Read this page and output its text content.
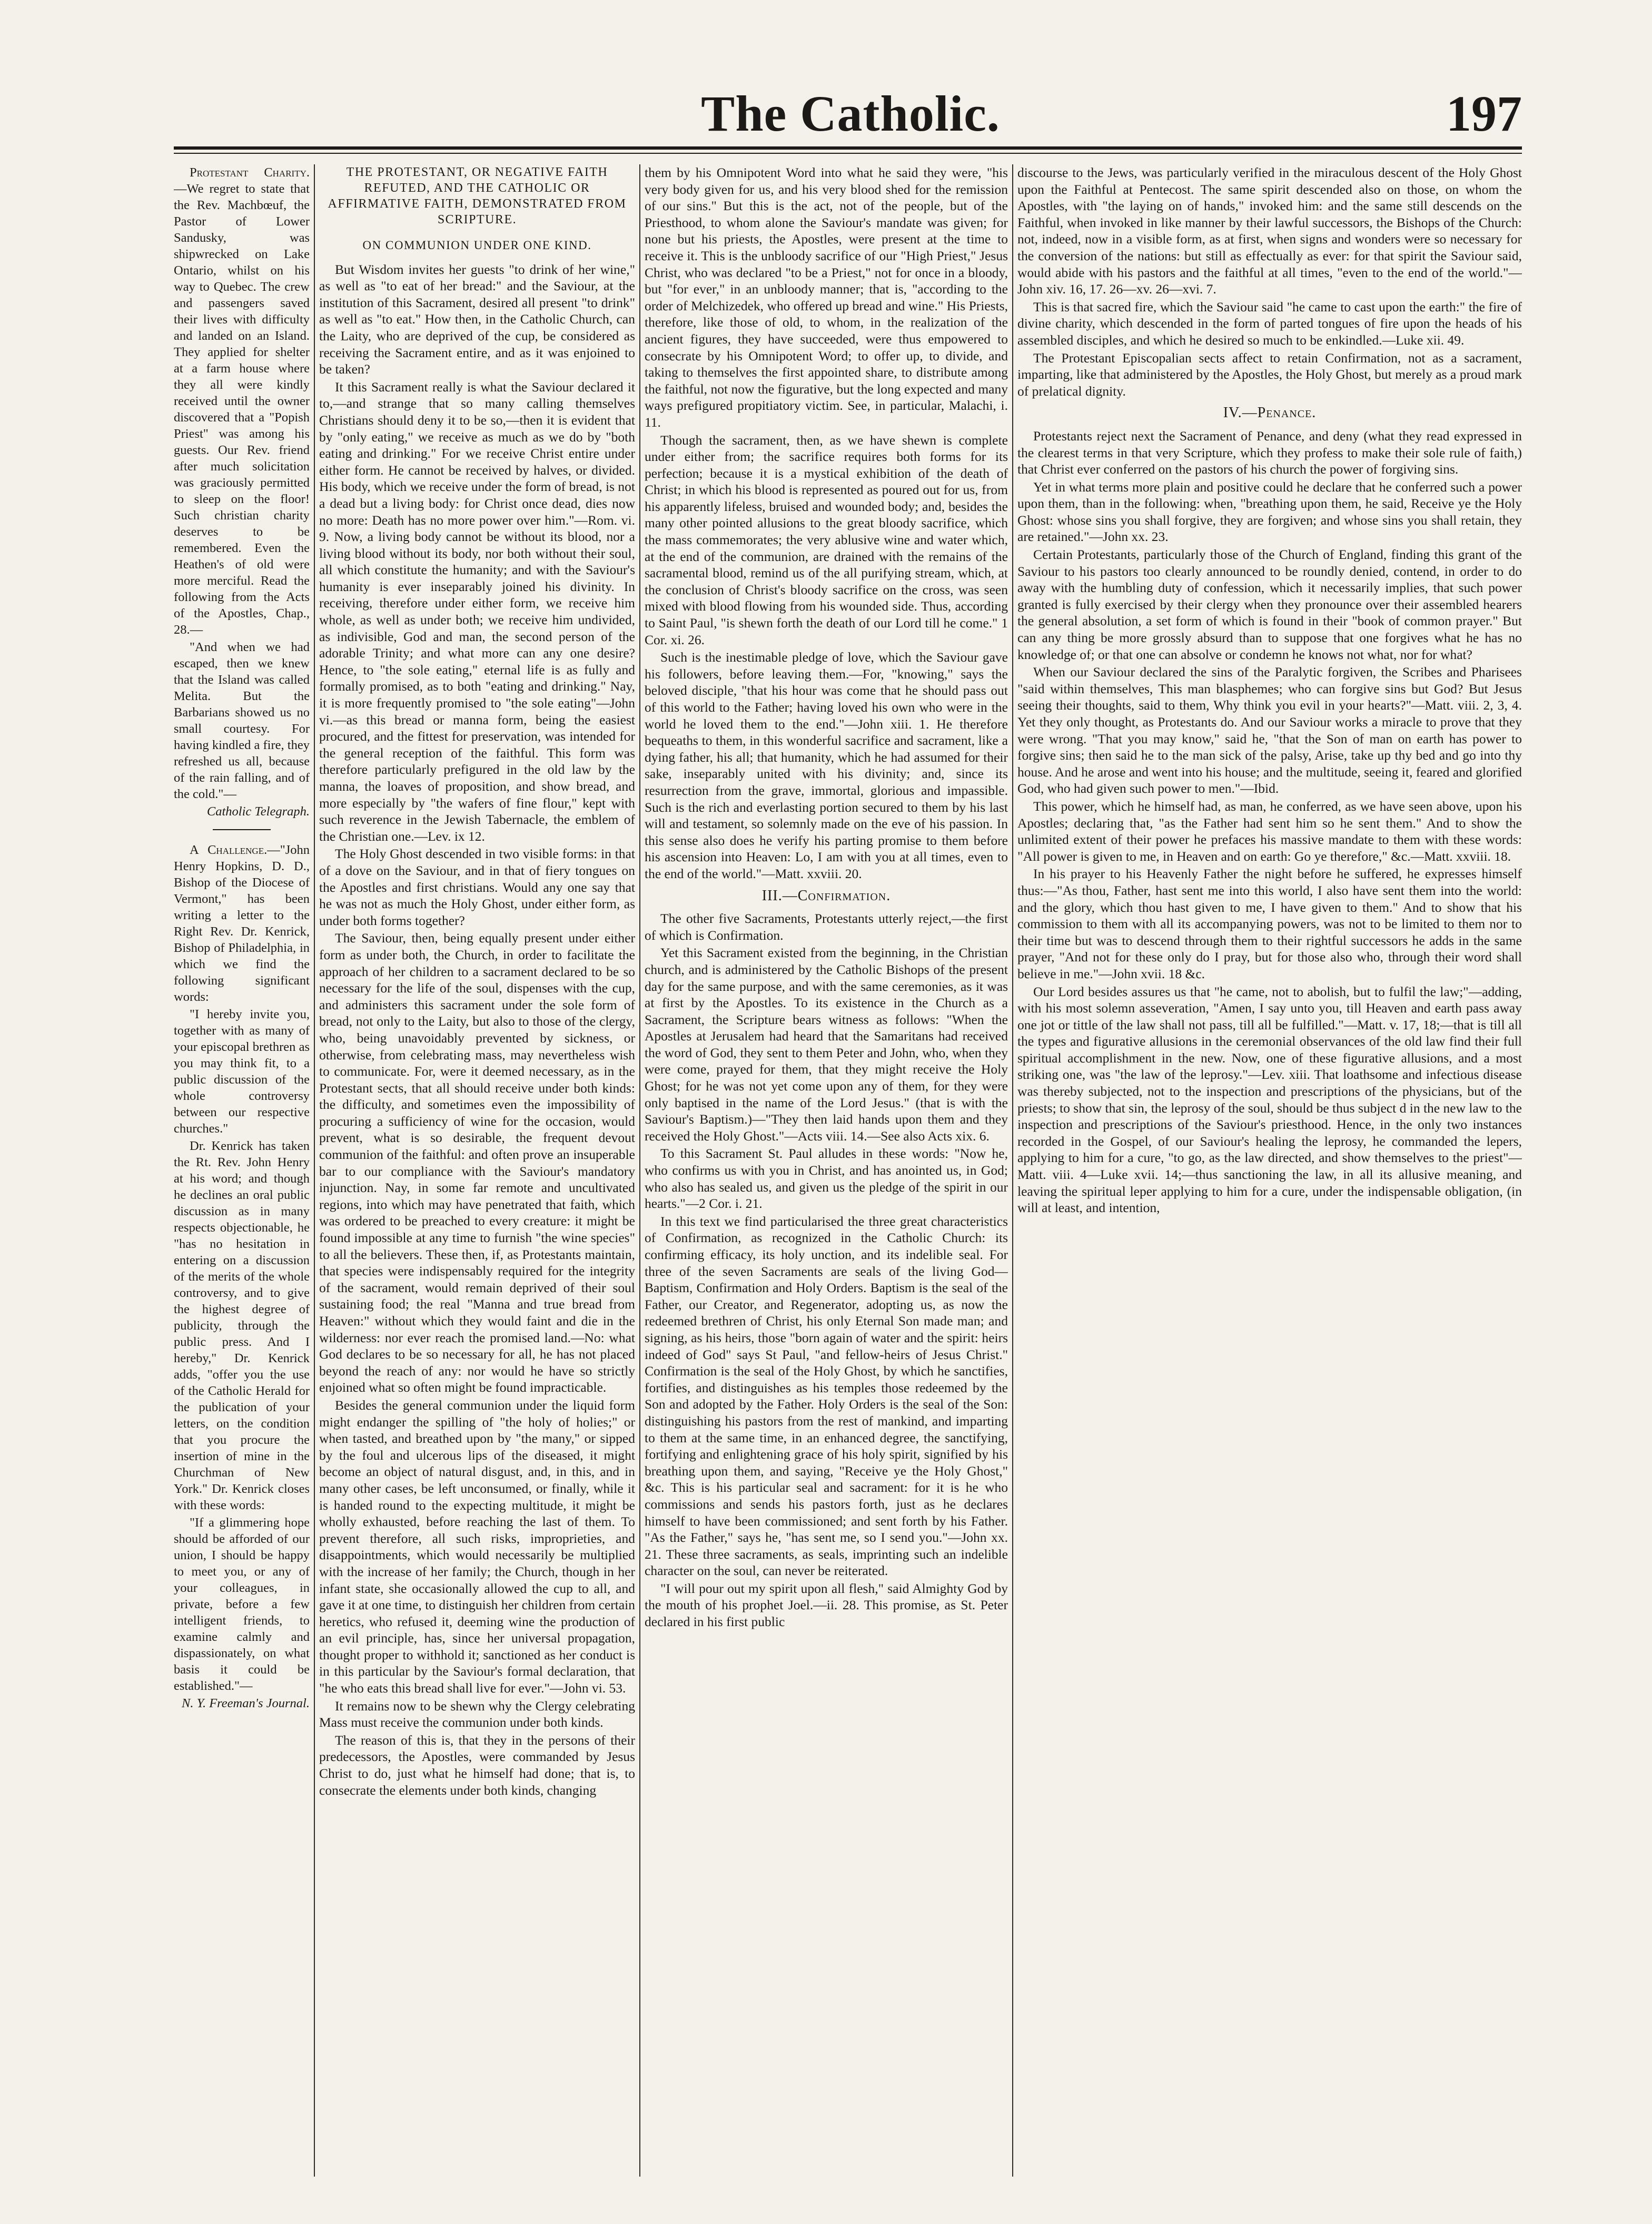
The Catholic.	197

Protestant Charity.—We regret to state that the Rev. Machbœuf, the Pastor of Lower Sandusky, was shipwrecked on Lake Ontario, whilst on his way to Quebec. The crew and passengers saved their lives with difficulty and landed on an Island. They applied for shelter at a farm house where they all were kindly received until the owner discovered that a "Popish Priest" was among his guests. Our Rev. friend after much solicitation was graciously permitted to sleep on the floor! Such christian charity deserves to be remembered. Even the Heathen's of old were more merciful. Read the following from the Acts of the Apostles, Chap., 28.—

"And when we had escaped, then we knew that the Island was called Melita. But the Barbarians showed us no small courtesy. For having kindled a fire, they refreshed us all, because of the rain falling, and of the cold."—

Catholic Telegraph.

A Challenge.—"John Henry Hopkins, D. D., Bishop of the Diocese of Vermont," has been writing a letter to the Right Rev. Dr. Kenrick, Bishop of Philadelphia, in which we find the following significant words:

"I hereby invite you, together with as many of your episcopal brethren as you may think fit, to a public discussion of the whole controversy between our respective churches."

Dr. Kenrick has taken the Rt. Rev. John Henry at his word; and though he declines an oral public discussion as in many respects objectionable, he "has no hesitation in entering on a discussion of the merits of the whole controversy, and to give the highest degree of publicity, through the public press. And I hereby," Dr. Kenrick adds, "offer you the use of the Catholic Herald for the publication of your letters, on the condition that you procure the insertion of mine in the Churchman of New York." Dr. Kenrick closes with these words:

"If a glimmering hope should be afforded of our union, I should be happy to meet you, or any of your colleagues, in private, before a few intelligent friends, to examine calmly and dispassionately, on what basis it could be established."—

N. Y. Freeman's Journal.

THE PROTESTANT, OR NEGATIVE FAITH REFUTED, AND THE CATHOLIC OR AFFIRMATIVE FAITH, DEMONSTRATED FROM SCRIPTURE.
ON COMMUNION UNDER ONE KIND.

But Wisdom invites her guests "to drink of her wine," as well as "to eat of her bread:" and the Saviour, at the institution of this Sacrament, desired all present "to drink" as well as "to eat." How then, in the Catholic Church, can the Laity, who are deprived of the cup, be considered as receiving the Sacrament entire, and as it was enjoined to be taken?

It this Sacrament really is what the Saviour declared it to,—and strange that so many calling themselves Christians should deny it to be so,—then it is evident that by "only eating," we receive as much as we do by "both eating and drinking." For we receive Christ entire under either form. He cannot be received by halves, or divided. His body, which we receive under the form of bread, is not a dead but a living body: for Christ once dead, dies now no more: Death has no more power over him."—Rom. vi. 9. Now, a living body cannot be without its blood, nor a living blood without its body, nor both without their soul, all which constitute the humanity; and with the Saviour's humanity is ever inseparably joined his divinity. In receiving, therefore under either form, we receive him whole, as well as under both; we receive him undivided, as indivisible, God and man, the second person of the adorable Trinity; and what more can any one desire? Hence, to "the sole eating," eternal life is as fully and formally promised, as to both "eating and drinking." Nay, it is more frequently promised to "the sole eating"—John vi.—as this bread or manna form, being the easiest procured, and the fittest for preservation, was intended for the general reception of the faithful. This form was therefore particularly prefigured in the old law by the manna, the loaves of proposition, and show bread, and more especially by "the wafers of fine flour," kept with such reverence in the Jewish Tabernacle, the emblem of the Christian one.—Lev. ix 12.

The Holy Ghost descended in two visible forms: in that of a dove on the Saviour, and in that of fiery tongues on the Apostles and first christians. Would any one say that he was not as much the Holy Ghost, under either form, as under both forms together?

The Saviour, then, being equally present under either form as under both, the Church, in order to facilitate the approach of her children to a sacrament declared to be so necessary for the life of the soul, dispenses with the cup, and administers this sacrament under the sole form of bread, not only to the Laity, but also to those of the clergy, who, being unavoidably prevented by sickness, or otherwise, from celebrating mass, may nevertheless wish to communicate. For, were it deemed necessary, as in the Protestant sects, that all should receive under both kinds: the difficulty, and sometimes even the impossibility of procuring a sufficiency of wine for the occasion, would prevent, what is so desirable, the frequent devout communion of the faithful: and often prove an insuperable bar to our compliance with the Saviour's mandatory injunction. Nay, in some far remote and uncultivated regions, into which may have penetrated that faith, which was ordered to be preached to every creature: it might be found impossible at any time to furnish "the wine species" to all the believers. These then, if, as Protestants maintain, that species were indispensably required for the integrity of the sacrament, would remain deprived of their soul sustaining food; the real "Manna and true bread from Heaven:" without which they would faint and die in the wilderness: nor ever reach the promised land.—No: what God declares to be so necessary for all, he has not placed beyond the reach of any: nor would he have so strictly enjoined what so often might be found impracticable.

Besides the general communion under the liquid form might endanger the spilling of "the holy of holies;" or when tasted, and breathed upon by "the many," or sipped by the foul and ulcerous lips of the diseased, it might become an object of natural disgust, and, in this, and in many other cases, be left unconsumed, or finally, while it is handed round to the expecting multitude, it might be wholly exhausted, before reaching the last of them. To prevent therefore, all such risks, improprieties, and disappointments, which would necessarily be multiplied with the increase of her family; the Church, though in her infant state, she occasionally allowed the cup to all, and gave it at one time, to distinguish her children from certain heretics, who refused it, deeming wine the production of an evil principle, has, since her universal propagation, thought proper to withhold it; sanctioned as her conduct is in this particular by the Saviour's formal declaration, that "he who eats this bread shall live for ever."—John vi. 53.

It remains now to be shewn why the Clergy celebrating Mass must receive the communion under both kinds.

The reason of this is, that they in the persons of their predecessors, the Apostles, were commanded by Jesus Christ to do, just what he himself had done; that is, to consecrate the elements under both kinds, changing

them by his Omnipotent Word into what he said they were, "his very body given for us, and his very blood shed for the remission of our sins." But this is the act, not of the people, but of the Priesthood, to whom alone the Saviour's mandate was given; for none but his priests, the Apostles, were present at the time to receive it. This is the unbloody sacrifice of our "High Priest," Jesus Christ, who was declared "to be a Priest," not for once in a bloody, but "for ever," in an unbloody manner; that is, "according to the order of Melchizedek, who offered up bread and wine." His Priests, therefore, like those of old, to whom, in the realization of the ancient figures, they have succeeded, were thus empowered to consecrate by his Omnipotent Word; to offer up, to divide, and taking to themselves the first appointed share, to distribute among the faithful, not now the figurative, but the long expected and many ways prefigured propitiatory victim. See, in particular, Malachi, i. 11.

Though the sacrament, then, as we have shewn is complete under either from; the sacrifice requires both forms for its perfection; because it is a mystical exhibition of the death of Christ; in which his blood is represented as poured out for us, from his apparently lifeless, bruised and wounded body; and, besides the many other pointed allusions to the great bloody sacrifice, which the mass commemorates; the very ablusive wine and water which, at the end of the communion, are drained with the remains of the sacramental blood, remind us of the all purifying stream, which, at the conclusion of Christ's bloody sacrifice on the cross, was seen mixed with blood flowing from his wounded side. Thus, according to Saint Paul, "is shewn forth the death of our Lord till he come." 1 Cor. xi. 26.

Such is the inestimable pledge of love, which the Saviour gave his followers, before leaving them.—For, "knowing," says the beloved disciple, "that his hour was come that he should pass out of this world to the Father; having loved his own who were in the world he loved them to the end."—John xiii. 1. He therefore bequeaths to them, in this wonderful sacrifice and sacrament, like a dying father, his all; that humanity, which he had assumed for their sake, inseparably united with his divinity; and, since its resurrection from the grave, immortal, glorious and impassible. Such is the rich and everlasting portion secured to them by his last will and testament, so solemnly made on the eve of his passion. In this sense also does he verify his parting promise to them before his ascension into Heaven: Lo, I am with you at all times, even to the end of the world."—Matt. xxviii. 20.

III.—Confirmation.

The other five Sacraments, Protestants utterly reject,—the first of which is Confirmation.

Yet this Sacrament existed from the beginning, in the Christian church, and is administered by the Catholic Bishops of the present day for the same purpose, and with the same ceremonies, as it was at first by the Apostles. To its existence in the Church as a Sacrament, the Scripture bears witness as follows: "When the Apostles at Jerusalem had heard that the Samaritans had received the word of God, they sent to them Peter and John, who, when they were come, prayed for them, that they might receive the Holy Ghost; for he was not yet come upon any of them, for they were only baptised in the name of the Lord Jesus." (that is with the Saviour's Baptism.)—"They then laid hands upon them and they received the Holy Ghost."—Acts viii. 14.—See also Acts xix. 6.

To this Sacrament St. Paul alludes in these words: "Now he, who confirms us with you in Christ, and has anointed us, in God; who also has sealed us, and given us the pledge of the spirit in our hearts."—2 Cor. i. 21.

In this text we find particularised the three great characteristics of Confirmation, as recognized in the Catholic Church: its confirming efficacy, its holy unction, and its indelible seal. For three of the seven Sacraments are seals of the living God—Baptism, Confirmation and Holy Orders. Baptism is the seal of the Father, our Creator, and Regenerator, adopting us, as now the redeemed brethren of Christ, his only Eternal Son made man; and signing, as his heirs, those "born again of water and the spirit: heirs indeed of God" says St Paul, "and fellow-heirs of Jesus Christ." Confirmation is the seal of the Holy Ghost, by which he sanctifies, fortifies, and distinguishes as his temples those redeemed by the Son and adopted by the Father. Holy Orders is the seal of the Son: distinguishing his pastors from the rest of mankind, and imparting to them at the same time, in an enhanced degree, the sanctifying, fortifying and enlightening grace of his holy spirit, signified by his breathing upon them, and saying, "Receive ye the Holy Ghost," &c. This is his particular seal and sacrament: for it is he who commissions and sends his pastors forth, just as he declares himself to have been commissioned; and sent forth by his Father. "As the Father," says he, "has sent me, so I send you."—John xx. 21. These three sacraments, as seals, imprinting such an indelible character on the soul, can never be reiterated.

"I will pour out my spirit upon all flesh," said Almighty God by the mouth of his prophet Joel.—ii. 28. This promise, as St. Peter declared in his first public

discourse to the Jews, was particularly verified in the miraculous descent of the Holy Ghost upon the Faithful at Pentecost. The same spirit descended also on those, on whom the Apostles, with "the laying on of hands," invoked him: and the same still descends on the Faithful, when invoked in like manner by their lawful successors, the Bishops of the Church: not, indeed, now in a visible form, as at first, when signs and wonders were so necessary for the conversion of the nations: but still as effectually as ever: for that spirit the Saviour said, would abide with his pastors and the faithful at all times, "even to the end of the world."—John xiv. 16, 17. 26—xv. 26—xvi. 7.

This is that sacred fire, which the Saviour said "he came to cast upon the earth:" the fire of divine charity, which descended in the form of parted tongues of fire upon the heads of his assembled disciples, and which he desired so much to be enkindled.—Luke xii. 49.

The Protestant Episcopalian sects affect to retain Confirmation, not as a sacrament, imparting, like that administered by the Apostles, the Holy Ghost, but merely as a proud mark of prelatical dignity.

IV.—Penance.

Protestants reject next the Sacrament of Penance, and deny (what they read expressed in the clearest terms in that very Scripture, which they profess to make their sole rule of faith,) that Christ ever conferred on the pastors of his church the power of forgiving sins.

Yet in what terms more plain and positive could he declare that he conferred such a power upon them, than in the following: when, "breathing upon them, he said, Receive ye the Holy Ghost: whose sins you shall forgive, they are forgiven; and whose sins you shall retain, they are retained."—John xx. 23.

Certain Protestants, particularly those of the Church of England, finding this grant of the Saviour to his pastors too clearly announced to be roundly denied, contend, in order to do away with the humbling duty of confession, which it necessarily implies, that such power granted is fully exercised by their clergy when they pronounce over their assembled hearers the general absolution, a set form of which is found in their "book of common prayer." But can any thing be more grossly absurd than to suppose that one forgives what he has no knowledge of; or that one can absolve or condemn he knows not what, nor for what?

When our Saviour declared the sins of the Paralytic forgiven, the Scribes and Pharisees "said within themselves, This man blasphemes; who can forgive sins but God? But Jesus seeing their thoughts, said to them, Why think you evil in your hearts?"—Matt. viii. 2, 3, 4. Yet they only thought, as Protestants do. And our Saviour works a miracle to prove that they were wrong. "That you may know," said he, "that the Son of man on earth has power to forgive sins; then said he to the man sick of the palsy, Arise, take up thy bed and go into thy house. And he arose and went into his house; and the multitude, seeing it, feared and glorified God, who had given such power to men."—Ibid.

This power, which he himself had, as man, he conferred, as we have seen above, upon his Apostles; declaring that, "as the Father had sent him so he sent them." And to show the unlimited extent of their power he prefaces his massive mandate to them with these words: "All power is given to me, in Heaven and on earth: Go ye therefore," &c.—Matt. xxviii. 18.

In his prayer to his Heavenly Father the night before he suffered, he expresses himself thus:—"As thou, Father, hast sent me into this world, I also have sent them into the world: and the glory, which thou hast given to me, I have given to them." And to show that his commission to them with all its accompanying powers, was not to be limited to them nor to their time but was to descend through them to their rightful successors he adds in the same prayer, "And not for these only do I pray, but for those also who, through their word shall believe in me."—John xvii. 18 &c.

Our Lord besides assures us that "he came, not to abolish, but to fulfil the law;"—adding, with his most solemn asseveration, "Amen, I say unto you, till Heaven and earth pass away one jot or tittle of the law shall not pass, till all be fulfilled."—Matt. v. 17, 18;—that is till all the types and figurative allusions in the ceremonial observances of the old law find their full spiritual accomplishment in the new. Now, one of these figurative allusions, and a most striking one, was "the law of the leprosy."—Lev. xiii. That loathsome and infectious disease was thereby subjected, not to the inspection and prescriptions of the physicians, but of the priests; to show that sin, the leprosy of the soul, should be thus subject d in the new law to the inspection and prescriptions of the Saviour's priesthood. Hence, in the only two instances recorded in the Gospel, of our Saviour's healing the leprosy, he commanded the lepers, applying to him for a cure, "to go, as the law directed, and show themselves to the priest"—Matt. viii. 4—Luke xvii. 14;—thus sanctioning the law, in all its allusive meaning, and leaving the spiritual leper applying to him for a cure, under the indispensable obligation, (in will at least, and intention,
